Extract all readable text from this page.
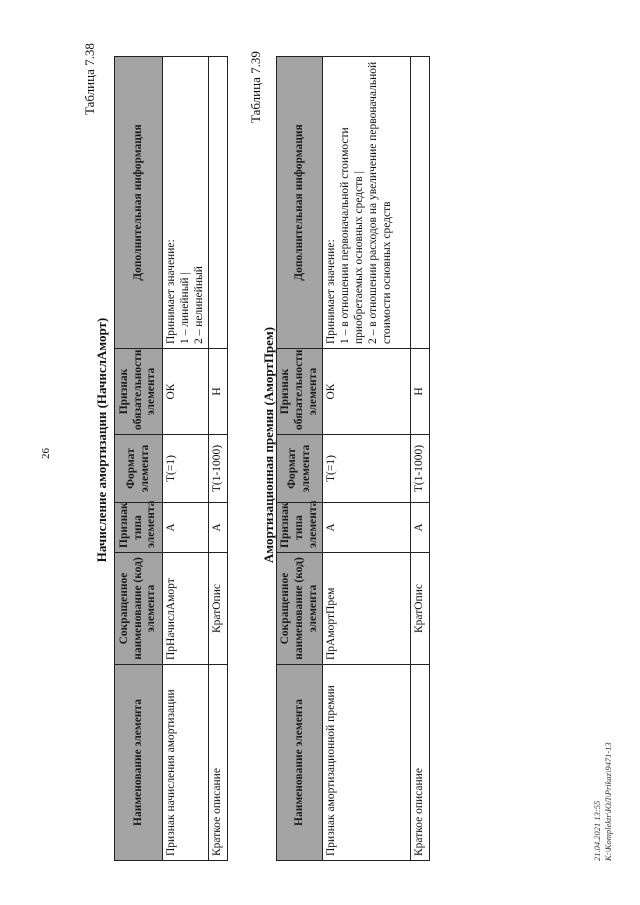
26
Таблица 7.38
Начисление амортизации (НачислАморт)
Наименование элемента	Сокращенное наименование (код) элемента	Признак типа элемента	Формат элемента	Признак обязательности элемента	Дополнительная информация
Признак начисления амортизации	ПрНачислАморт	А	Т(=1)	ОК	Принимает значение: 1 – линейный | 2 – нелинейный

Краткое описание	КратОпис	А	Т(1-1000)	Н	
Таблица 7.39
Амортизационная премия (АмортПрем)
Наименование элемента	Сокращенное наименование (код) элемента	Признак типа элемента	Формат элемента	Признак обязательности элемента	Дополнительная информация
Признак амортизационной премии	ПрАмортПрем	А	Т(=1)	ОК	Принимает значение: 1 – в отношении первоначальной стоимости приобретаемых основных средств | 2 – в отношении расходов на увеличение первоначальной стоимости основных средств

Краткое описание	КратОпис	А	Т(1-1000)	Н	
21.04.2021 13:55 К:\Komplektr\ЮЛ\Prikaz\9471-13
